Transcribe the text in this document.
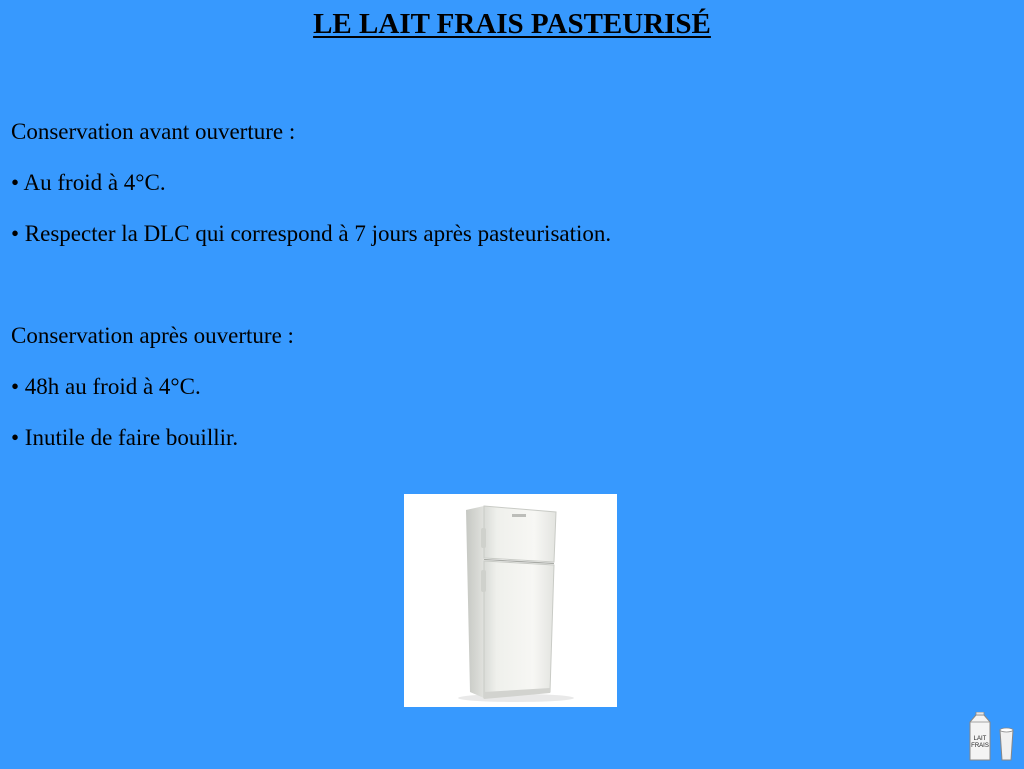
LE LAIT FRAIS PASTEURISÉ

Conservation avant ouverture :

• Au froid à 4°C.

• Respecter la DLC qui correspond à 7 jours après pasteurisation.

Conservation après ouverture :

• 48h au froid à 4°C.

• Inutile de faire bouillir.

LAIT
FRAIS
